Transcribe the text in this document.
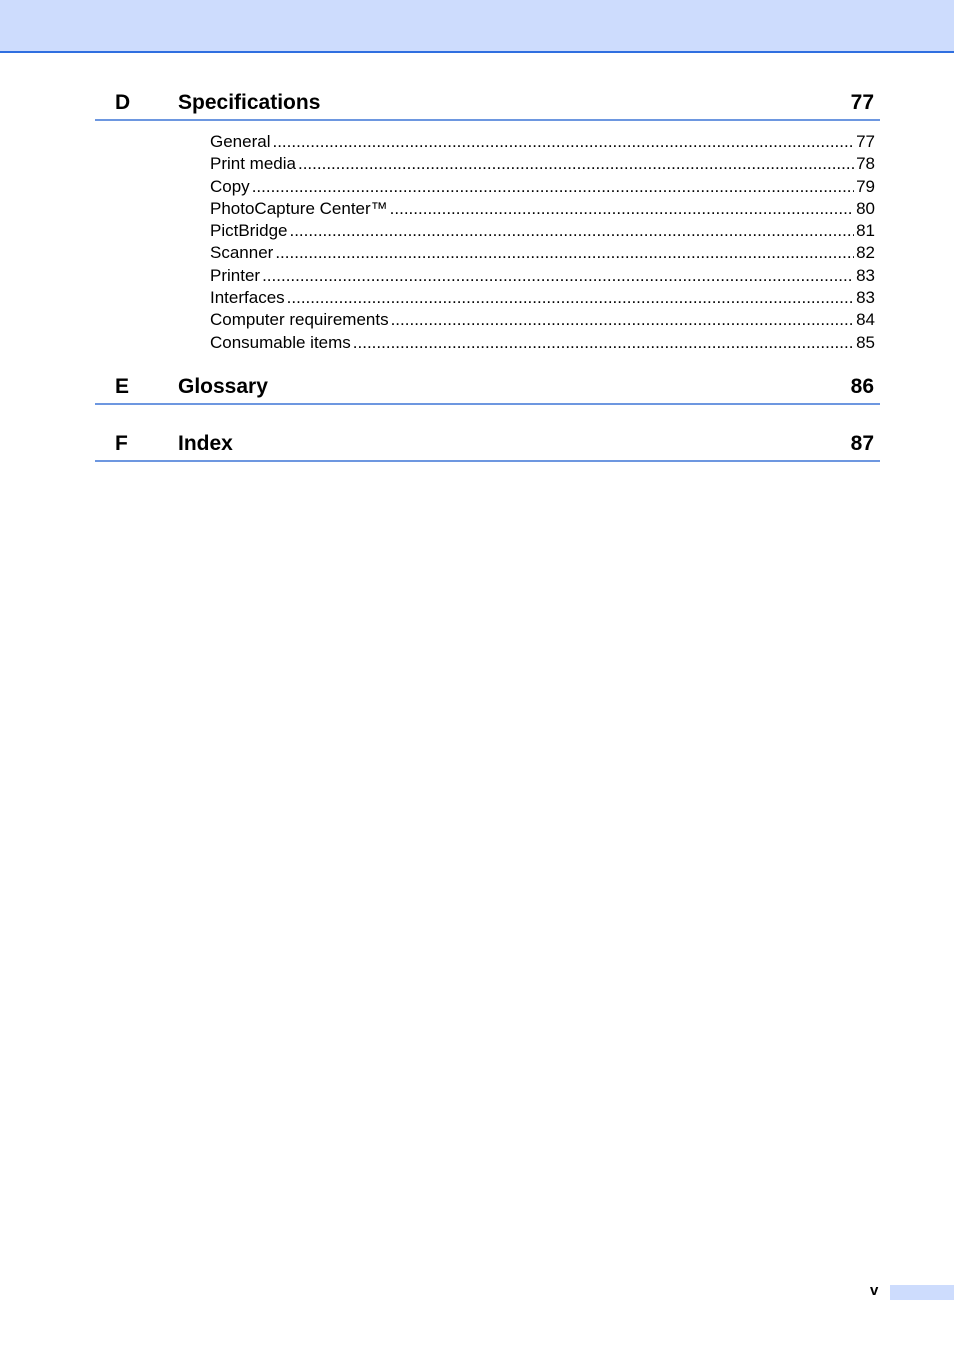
D Specifications	77
General .....	77
Print media .....	78
Copy .....	79
PhotoCapture Center™ .....	80
PictBridge .....	81
Scanner .....	82
Printer .....	83
Interfaces .....	83
Computer requirements .....	84
Consumable items .....	85
E Glossary	86
F Index	87
v
